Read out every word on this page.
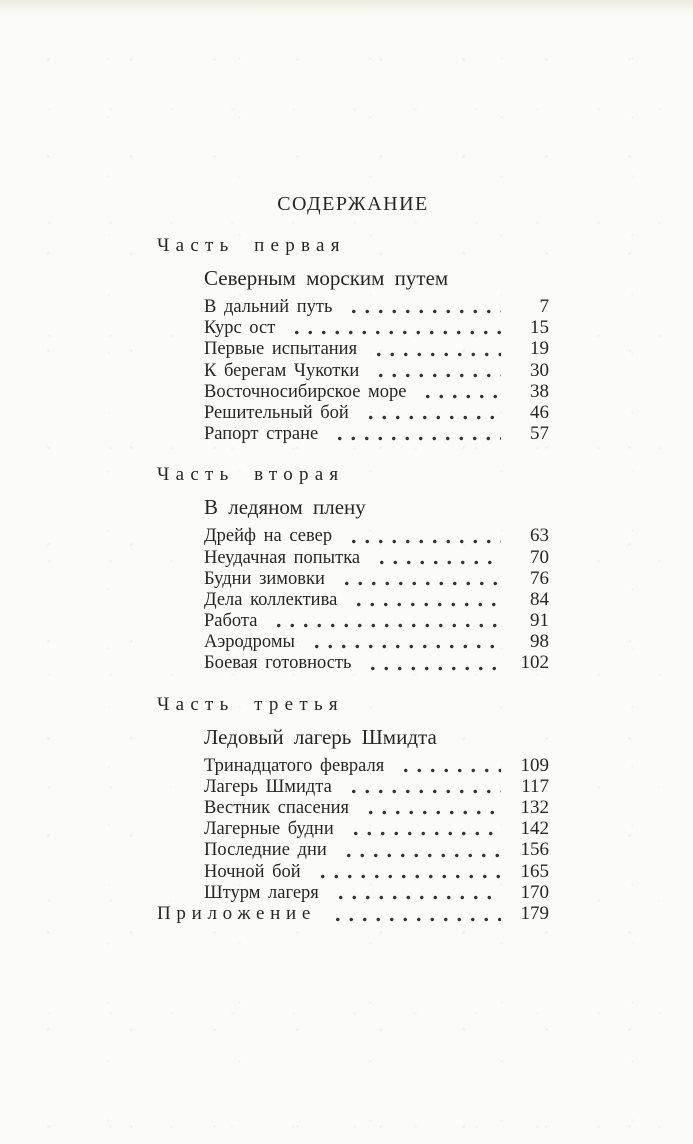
СОДЕРЖАНИЕ
Часть первая
Северным морским путем
В дальний путь	7
Курс ост	15
Первые испытания	19
К берегам Чукотки	30
Восточносибирское море	38
Решительный бой	46
Рапорт стране	57
Часть вторая
В ледяном плену
Дрейф на север	63
Неудачная попытка	70
Будни зимовки	76
Дела коллектива	84
Работа	91
Аэродромы	98
Боевая готовность	102
Часть третья
Ледовый лагерь Шмидта
Тринадцатого февраля	109
Лагерь Шмидта	117
Вестник спасения	132
Лагерные будни	142
Последние дни	156
Ночной бой	165
Штурм лагеря	170
Приложение	179
